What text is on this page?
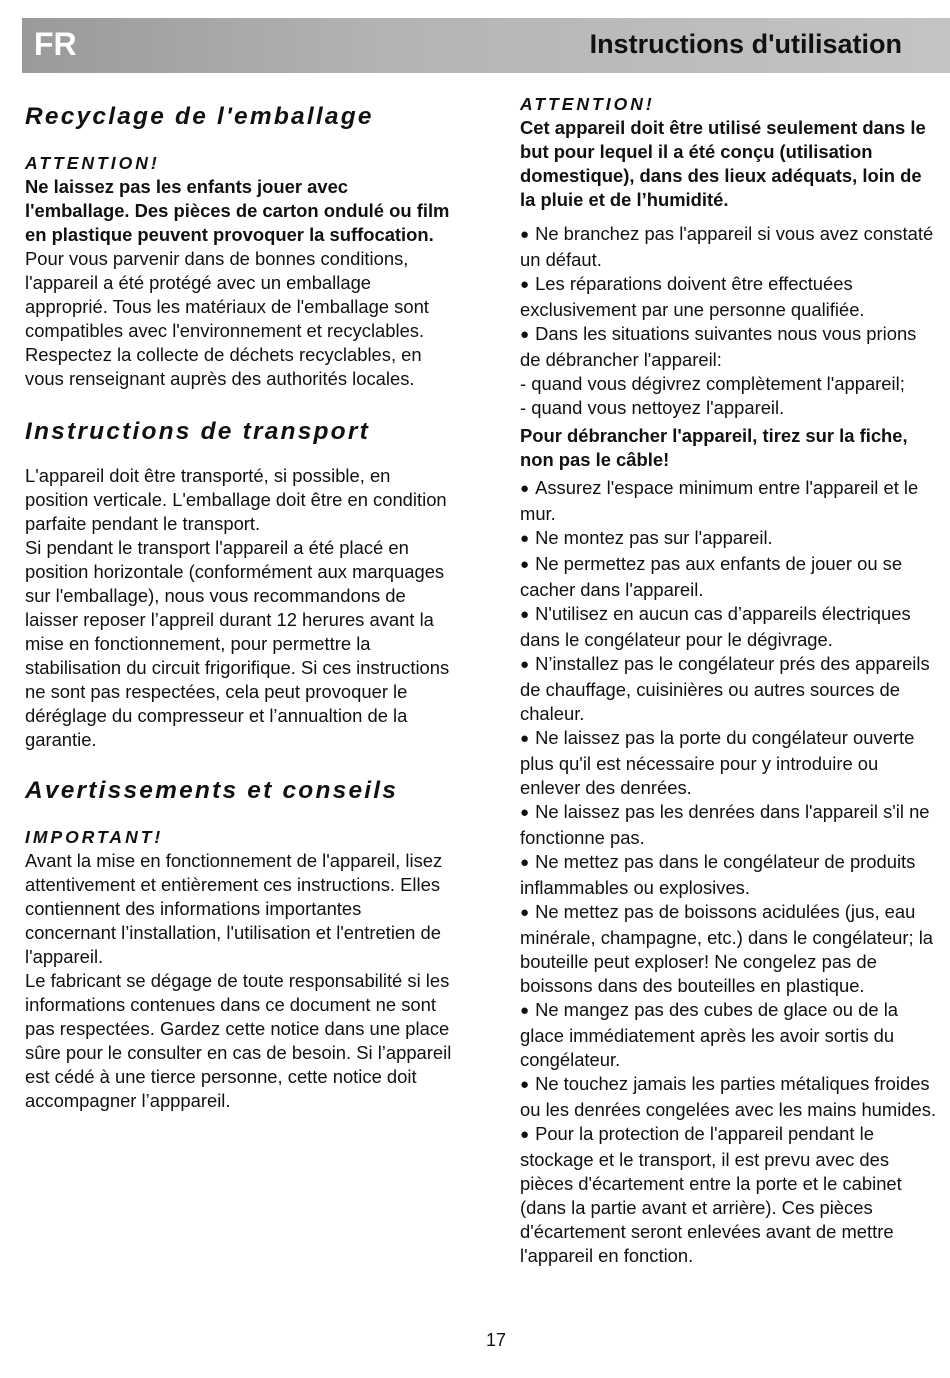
FR	Instructions d'utilisation
Recyclage de l'emballage
ATTENTION!

Ne laissez pas les enfants jouer avec l'emballage. Des pièces de carton ondulé ou film en plastique peuvent provoquer la suffocation.

Pour vous parvenir dans de bonnes conditions, l'appareil a été protégé avec un emballage approprié. Tous les matériaux de l'emballage sont compatibles avec l'environnement et recyclables. Respectez la collecte de déchets recyclables, en vous renseignant auprès des authorités locales.

Instructions de transport

L'appareil doit être transporté, si possible, en position verticale. L'emballage doit être en condition parfaite pendant le transport.

Si pendant le transport l'appareil a été placé en position horizontale (conformément aux marquages sur l'emballage), nous vous recommandons de laisser reposer l’appreil durant 12 herures avant la mise en fonctionnement, pour permettre la stabilisation du circuit frigorifique. Si ces instructions ne sont pas respectées, cela peut provoquer le déréglage du compresseur et l’annualtion de la garantie.

Avertissements et conseils
IMPORTANT!

Avant la mise en fonctionnement de l'appareil, lisez attentivement et entièrement ces instructions. Elles contiennent des informations importantes concernant l’installation, l'utilisation et l'entretien de l'appareil.

Le fabricant se dégage de toute responsabilité si les informations contenues dans ce document ne sont pas respectées. Gardez cette notice dans une place sûre pour le consulter en cas de besoin. Si l’appareil est cédé à une tierce personne, cette notice doit accompagner l’apppareil.

ATTENTION!

Cet appareil doit être utilisé seulement dans le but pour lequel il a été conçu (utilisation domestique), dans des lieux adéquats, loin de la pluie et de l’humidité.

● Ne branchez pas l'appareil si vous avez constaté un défaut.

● Les réparations doivent être effectuées exclusivement par une personne qualifiée.

● Dans les situations suivantes nous vous prions de débrancher l'appareil:

- quand vous dégivrez complètement l'appareil;

- quand vous nettoyez l'appareil.

Pour débrancher l'appareil, tirez sur la fiche, non pas le câble!

● Assurez l'espace minimum entre l'appareil et le mur.

● Ne montez pas sur l'appareil.

● Ne permettez pas aux enfants de jouer ou se cacher dans l'appareil.

● N'utilisez en aucun cas d’appareils électriques dans le congélateur pour le dégivrage.

● N’installez pas le congélateur prés des appareils de chauffage, cuisinières ou autres sources de chaleur.

● Ne laissez pas la porte du congélateur ouverte plus qu'il est nécessaire pour y introduire ou enlever des denrées.

● Ne laissez pas les denrées dans l'appareil s'il ne fonctionne pas.

● Ne mettez pas dans le congélateur de produits inflammables ou explosives.

● Ne mettez pas de boissons acidulées (jus, eau minérale, champagne, etc.) dans le congélateur; la bouteille peut exploser! Ne congelez pas de boissons dans des bouteilles en plastique.

● Ne mangez pas des cubes de glace ou de la glace immédiatement après les avoir sortis du congélateur.

● Ne touchez jamais les parties métaliques froides ou les denrées congelées avec les mains humides.

● Pour la protection de l'appareil pendant le stockage et le transport, il est prevu avec des pièces d'écartement entre la porte et le cabinet (dans la partie avant et arrière). Ces pièces d'écartement seront enlevées avant de mettre l'appareil en fonction.

17
